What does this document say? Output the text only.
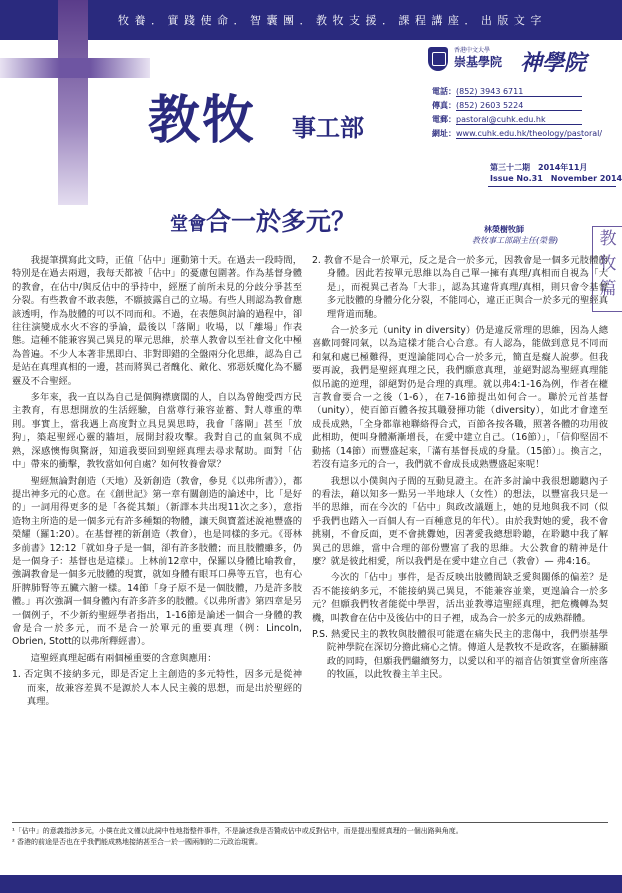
牧 養 ． 實 踐 使 命 ． 智 囊 團 ． 教 牧 支 援 ． 課 程 講 座 ． 出 版 文 字
教牧 事工部
香港中文大學
崇基學院 神學院
電話：(852) 3943 6711
傳真：(852) 2603 5224
電郵：pastoral@cuhk.edu.hk
網址：www.cuhk.edu.hk/theology/pastoral/
第三十二期　2014年11月
Issue No.31　November 2014
堂會合一於多元？	林榮樹牧師
教牧事工部副主任(榮譽)	教
牧
篇

我提筆撰寫此文時，正值「佔中」運動第十天。在過去一段時間，特別是在過去兩週，我每天都被「佔中」的憂慮包圍著。作為基督身體的教會，在佔中/與反佔中的爭持中，經歷了前所未見的分歧分爭甚至分裂。有些教會不敢表態，不願披露自己的立場。有些人則認為教會應該透明，作為肢體的可以不同而和。不過，在表態與討論的過程中，卻往往演變成水火不容的爭論，最後以「落閘」收場，以「離場」作表態。這種不能兼容異己異見的單元思維，於華人教會以至社會文化中極為普遍。不少人本著非黑即白、非對即錯的全盤兩分化思維，認為自己是站在真理真相的一邊，甚而將異己者醜化、敵化、邪惡妖魔化為不屬靈及不合聖經。

多年來，我一直以為自己是個胸襟廣闊的人，自以為曾飽受西方民主教育，有思想開放的生活經驗，自當尊行兼容並蓄、對人尊重的準則。事實上，當我遇上高度對立具見異思時，我會「落閘」甚至「放狗」，築起聖經心靈的牆垣，展開封殺攻擊。我對自己的血氣與不成熟，深感懊悔與驚訝，知道我要回到聖經真理去尋求幫助。面對「佔中」帶來的衝擊，教牧當如何自處？如何牧養會眾？

聖經無論對創造（天地）及新創造（教會，參見《以弗所書》），都提出神多元的心意。在《創世記》第一章有關創造的論述中，比「是好的」一詞用得更多的是「各從其類」（新譯本共出現11次之多），意指造物主所造的是一個多元有許多種類的物體，讓天與寶蓋述說祂豐盛的榮耀（羅1:20）。在基督裡的新創造（教會），也是同樣的多元。《哥林多前書》12:12「就如身子是一個，卻有許多肢體；而且肢體雖多，仍是一個身子：基督也是這樣」。上林前12章中，保羅以身體比喻教會，強調教會是一個多元肢體的現實，就如身體有眼耳口鼻等五官，也有心肝脾肺腎等五臟六腑一樣。14節「身子原不是一個肢體，乃是許多肢體。」再次強調一個身體內有許多許多的肢體。《以弗所書》第四章是另一個例子，不少新約聖經學者指出，1-16節是論述一個合一身體的教會是合一於多元，而不是合一於單元的重要真理（例：Lincoln, Obrien, Stott的以弗所釋經書）。

這聖經真理起碼有兩個極重要的含意與應用：

1. 否定與不接納多元，即是否定上主創造的多元特性，因多元是從神而來，故兼容差異不是源於人本人民主義的思想，而是出於聖經的真理。

2. 教會不是合一於單元，反之是合一於多元，因教會是一個多元肢體的身體。因此若按單元思維以為自己單一擁有真理/真相而自視為「大是」，而視異己者為「大非」，認為其違背真理/真相，則只會令基督多元肢體的身體分化分裂，不能同心，違正正與合一於多元的聖經真理背道而馳。

合一於多元（unity in diversity）仍是違反常理的思維，因為人總喜歡同聲同氣，以為這樣才能合心合意。有人認為，能做到意見不同而和氣和處已極難得，更遑論能同心合一於多元，簡直是癡人說夢。但我要再說，我們是聖經真理之民，我們願意真理，並絕對認為聖經真理能似吊詭的逆理，卻絕對仍是合理的真理。就以弗4:1-16為例，作者在權言教會要合一之後（1-6），在7-16節提出如何合一。聯於元首基督（unity），使百節百體各按其職發揮功能（diversity），如此才會達至成長成熟，「全身都靠祂聯絡得合式，百節各按各職，照著各體的功用彼此相助，便叫身體漸漸增長，在愛中建立自己。（16節）」，「信仰堅固不動搖（14節）而豐盛起來，「滿有基督長成的身量。（15節）」。換言之，若沒有這多元的合一，我們就不會成長成熟豐盛起來呢！

我想以小僕與內子間的互動見證主。在許多討論中我很想聽聽內子的看法，藉以知多一點另一半地球人（女性）的想法，以豐富我只是一半的思維，而在今次的「佔中」與政改議題上，她的見地與我不同（似乎我們也踏入一百個人有一百種意見的年代）。由於我對她的愛，我不會挑剔，不會反面，更不會挑釁她，因著愛我總想聆聽，在聆聽中我了解異己的思維，當中合理的部份豐富了我的思維。大公教會的精神是什麼？就是彼此相愛，所以我們是在愛中建立自己（教會）— 弗4:16。

今次的「佔中」事件，是否反映出肢體間缺乏愛與關係的偏差？是否不能接納多元，不能接納異己異見，不能兼容並業，更遑論合一於多元？但願我們牧者能從中學習，活出並教導這聖經真理，把危機轉為契機，叫教會在佔中及後佔中的日子裡，成為合一於多元的成熟群體。

P.S. 熱愛民主的教牧與肢體很可能還在痛失民主的悲傷中，我們崇基學院神學院在深切分擔此痛心之情。傳道人是教牧不是政客，在顯赫顯政的同時，但願我們繼續努力，以愛以和平的福音佔領實堂會所座落的牧區，以此牧養主羊主民。

¹「佔中」的意義指涉多元，小僕在此文僅以此詞中性地指整件事件，不是論述我是否贊成佔中或反對佔中，而是提出聖經真理的一個出路與角度。
² 香港的前途是否也在乎我們能成熟地接納甚至合一於一國兩制的二元政治現實。
